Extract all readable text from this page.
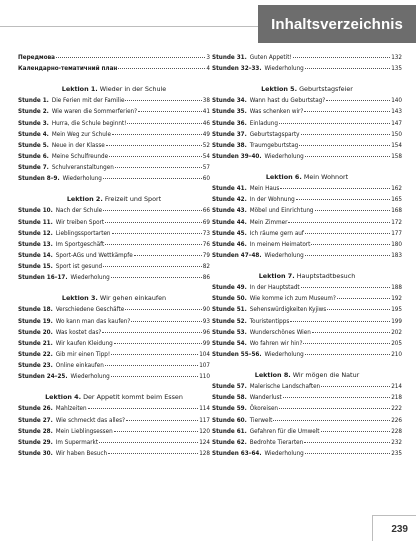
Inhaltsverzeichnis
Передмова	3
Календарно-тематичний план	4
Lektion 1. Wieder in der Schule
Stunde 1. Die Ferien mit der Familie	38
Stunde 2. Wie waren die Sommerferien?	41
Stunde 3. Hurra, die Schule beginnt!	46
Stunde 4. Mein Weg zur Schule	49
Stunde 5. Neue in der Klasse	52
Stunde 6. Meine Schulfreunde	54
Stunde 7. Schulveranstaltungen	57
Stunden 8–9. Wiederholung	60
Lektion 2. Freizeit und Sport
Stunde 10. Nach der Schule	66
Stunde 11. Wir treiben Sport	69
Stunde 12. Lieblingssportarten	73
Stunde 13. Im Sportgeschäft	76
Stunde 14. Sport-AGs und Wettkämpfe	79
Stunde 15. Sport ist gesund	82
Stunden 16–17. Wiederholung	86
Lektion 3. Wir gehen einkaufen
Stunde 18. Verschiedene Geschäfte	90
Stunde 19. Wo kann man das kaufen?	93
Stunde 20. Was kostet das?	96
Stunde 21. Wir kaufen Kleidung	99
Stunde 22. Gib mir einen Tipp!	104
Stunde 23. Online einkaufen	107
Stunden 24–25. Wiederholung	110
Lektion 4. Der Appetit kommt beim Essen
Stunde 26. Mahlzeiten	114
Stunde 27. Wie schmeckt das alles?	117
Stunde 28. Mein Lieblingsessen	120
Stunde 29. Im Supermarkt	124
Stunde 30. Wir haben Besuch	128
Stunde 31. Guten Appetit!	132
Stunden 32–33. Wiederholung	135
Lektion 5. Geburtstagsfeier
Stunde 34. Wann hast du Geburtstag?	140
Stunde 35. Was schenken wir?	143
Stunde 36. Einladung	147
Stunde 37. Geburtstagsparty	150
Stunde 38. Traumgeburtstag	154
Stunden 39–40. Wiederholung	158
Lektion 6. Mein Wohnort
Stunde 41. Mein Haus	162
Stunde 42. In der Wohnung	165
Stunde 43. Möbel und Einrichtung	168
Stunde 44. Mein Zimmer	172
Stunde 45. Ich räume gern auf	177
Stunde 46. In meinem Heimatort	180
Stunden 47–48. Wiederholung	183
Lektion 7. Hauptstadtbesuch
Stunde 49. In der Hauptstadt	188
Stunde 50. Wie komme ich zum Museum?	192
Stunde 51. Sehenswürdigkeiten Kyjiws	195
Stunde 52. Touristentipps	199
Stunde 53. Wunderschönes Wien	202
Stunde 54. Wo fahren wir hin?	205
Stunden 55–56. Wiederholung	210
Lektion 8. Wir mögen die Natur
Stunde 57. Malerische Landschaften	214
Stunde 58. Wanderlust	218
Stunde 59. Ökoreisen	222
Stunde 60. Tierwelt	226
Stunde 61. Gefahren für die Umwelt	228
Stunde 62. Bedrohte Tierarten	232
Stunden 63–64. Wiederholung	235
239
